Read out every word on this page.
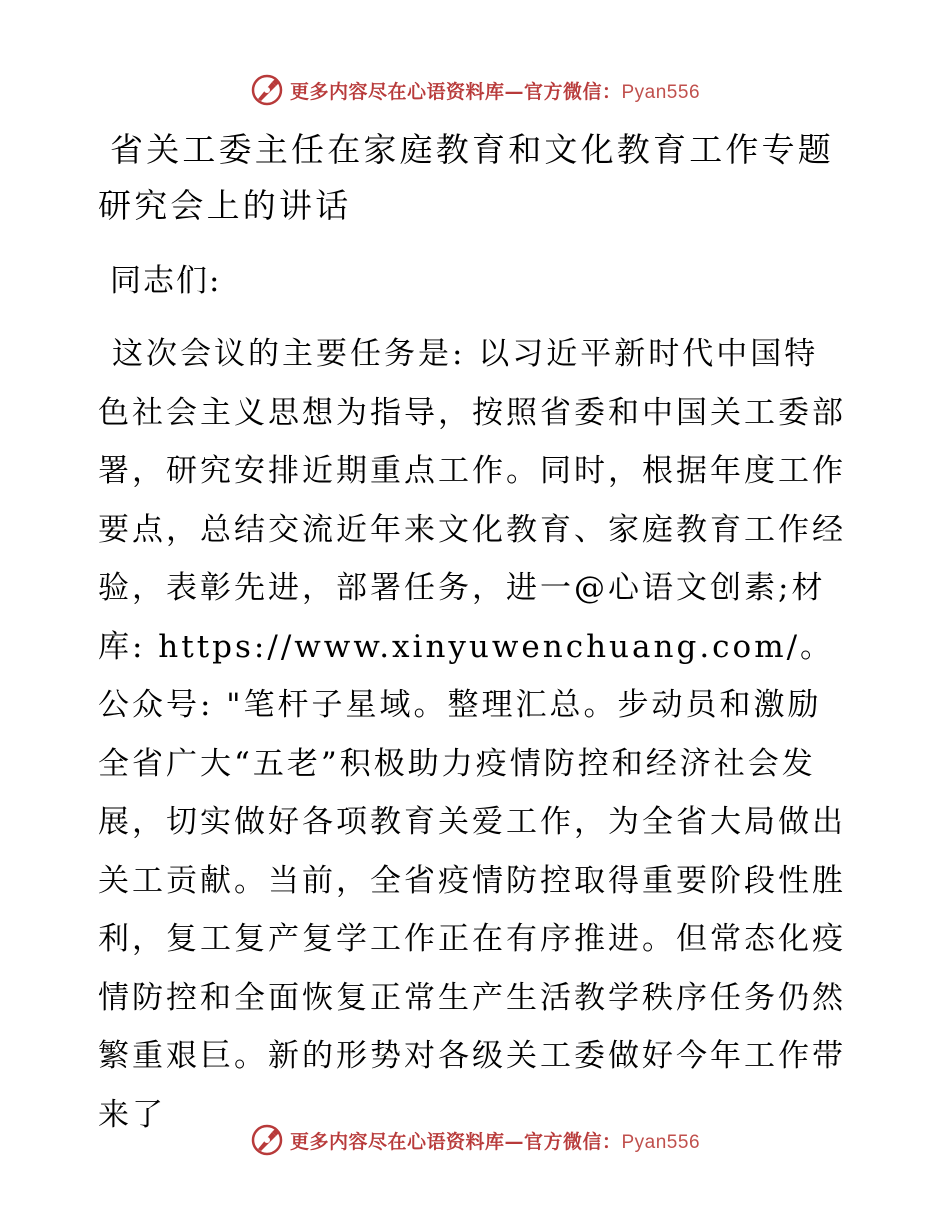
更多内容尽在心语资料库—官方微信：Pyan556
省关工委主任在家庭教育和文化教育工作专题研究会上的讲话
同志们:
这次会议的主要任务是: 以习近平新时代中国特色社会主义思想为指导，按照省委和中国关工委部署，研究安排近期重点工作。同时，根据年度工作要点，总结交流近年来文化教育、家庭教育工作经验，表彰先进，部署任务，进一@心语文创素;材库: https://www.xinyuwenchuang.com/。公众号: "笔杆子星域。整理汇总。步动员和激励全省广大“五老”积极助力疫情防控和经济社会发展，切实做好各项教育关爱工作，为全省大局做出关工贡献。当前，全省疫情防控取得重要阶段性胜利，复工复产复学工作正在有序推进。但常态化疫情防控和全面恢复正常生产生活教学秩序任务仍然繁重艰巨。新的形势对各级关工委做好今年工作带来了
更多内容尽在心语资料库—官方微信：Pyan556
